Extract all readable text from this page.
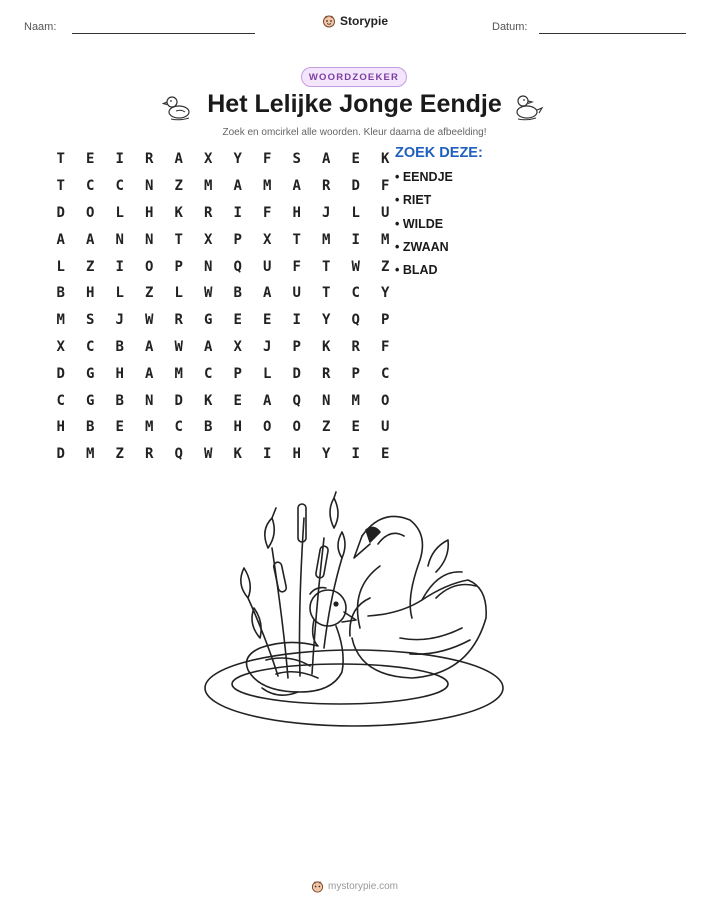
Naam:	Storypie	Datum:
WOORDZOEKER
Het Lelijke Jonge Eendje
Zoek en omcirkel alle woorden. Kleur daarna de afbeelding!
T	E	I	R	A	X	Y	F	S	A	E	K
T	C	C	N	Z	M	A	M	A	R	D	F
D	O	L	H	K	R	I	F	H	J	L	U
A	A	N	N	T	X	P	X	T	M	I	M
L	Z	I	O	P	N	Q	U	F	T	W	Z
B	H	L	Z	L	W	B	A	U	T	C	Y
M	S	J	W	R	G	E	E	I	Y	Q	P
X	C	B	A	W	A	X	J	P	K	R	F
D	G	H	A	M	C	P	L	D	R	P	C
C	G	B	N	D	K	E	A	Q	N	M	O
H	B	E	M	C	B	H	O	O	Z	E	U
D	M	Z	R	Q	W	K	I	H	Y	I	E
ZOEK DEZE:
• EENDJE
• RIET
• WILDE
• ZWAAN
• BLAD
mystorypie.com
